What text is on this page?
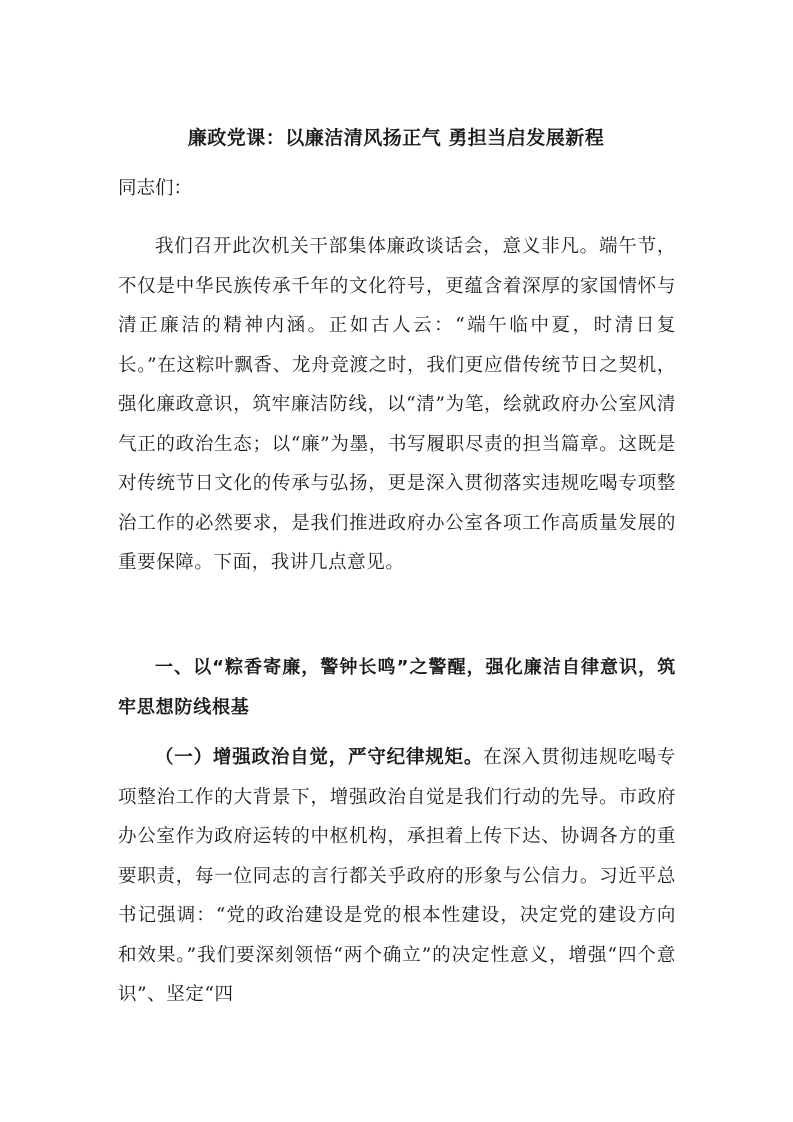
廉政党课：以廉洁清风扬正气 勇担当启发展新程
同志们：

我们召开此次机关干部集体廉政谈话会，意义非凡。端午节，不仅是中华民族传承千年的文化符号，更蕴含着深厚的家国情怀与清正廉洁的精神内涵。正如古人云：“端午临中夏，时清日复长。”在这粽叶飘香、龙舟竞渡之时，我们更应借传统节日之契机，强化廉政意识，筑牢廉洁防线，以“清”为笔，绘就政府办公室风清气正的政治生态；以“廉”为墨，书写履职尽责的担当篇章。这既是对传统节日文化的传承与弘扬，更是深入贯彻落实违规吃喝专项整治工作的必然要求，是我们推进政府办公室各项工作高质量发展的重要保障。下面，我讲几点意见。

一、以“粽香寄廉，警钟长鸣”之警醒，强化廉洁自律意识，筑牢思想防线根基

（一）增强政治自觉，严守纪律规矩。在深入贯彻违规吃喝专项整治工作的大背景下，增强政治自觉是我们行动的先导。市政府办公室作为政府运转的中枢机构，承担着上传下达、协调各方的重要职责，每一位同志的言行都关乎政府的形象与公信力。习近平总书记强调：“党的政治建设是党的根本性建设，决定党的建设方向和效果。”我们要深刻领悟“两个确立”的决定性意义，增强“四个意识”、坚定“四
